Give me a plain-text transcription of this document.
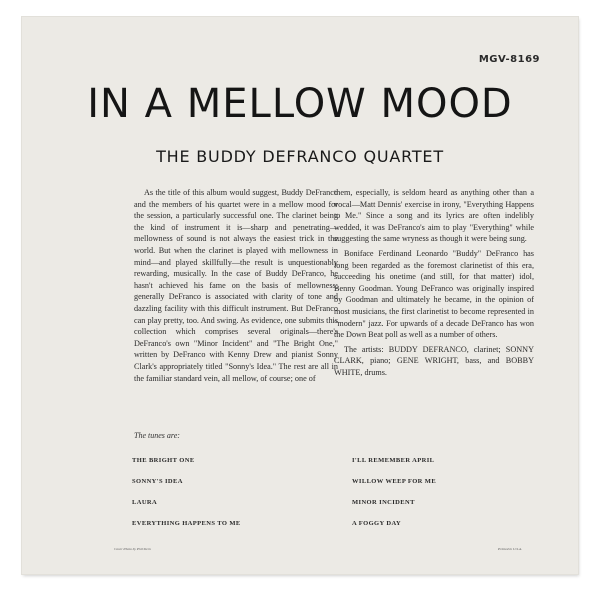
MGV-8169
IN A MELLOW MOOD
THE BUDDY DEFRANCO QUARTET

As the title of this album would suggest, Buddy DeFranco and the members of his quartet were in a mellow mood for the session, a particularly successful one. The clarinet being the kind of instrument it is—sharp and penetrating—mellowness of sound is not always the easiest trick in the world. But when the clarinet is played with mellowness in mind—and played skillfully—the result is unquestionably rewarding, musically. In the case of Buddy DeFranco, he hasn't achieved his fame on the basis of mellowness; generally DeFranco is associated with clarity of tone and dazzling facility with this difficult instrument. But DeFranco can play pretty, too. And swing. As evidence, one submits this collection which comprises several originals—there's DeFranco's own "Minor Incident" and "The Bright One," written by DeFranco with Kenny Drew and pianist Sonny Clark's appropriately titled "Sonny's Idea." The rest are all in the familiar standard vein, all mellow, of course; one of

them, especially, is seldom heard as anything other than a vocal—Matt Dennis' exercise in irony, "Everything Happens to Me." Since a song and its lyrics are often indelibly wedded, it was DeFranco's aim to play "Everything" while suggesting the same wryness as though it were being sung.

Boniface Ferdinand Leonardo "Buddy" DeFranco has long been regarded as the foremost clarinetist of this era, succeeding his onetime (and still, for that matter) idol, Benny Goodman. Young DeFranco was originally inspired by Goodman and ultimately he became, in the opinion of most musicians, the first clarinetist to become represented in "modern" jazz. For upwards of a decade DeFranco has won the Down Beat poll as well as a number of others.

The artists: BUDDY DEFRANCO, clarinet; SONNY CLARK, piano; GENE WRIGHT, bass, and BOBBY WHITE, drums.

The tunes are:
THE BRIGHT ONE
SONNY'S IDEA
LAURA
EVERYTHING HAPPENS TO ME
I'LL REMEMBER APRIL
WILLOW WEEP FOR ME
MINOR INCIDENT
A FOGGY DAY
Cover Photo by Phil Stern	Printed in U.S.A.
